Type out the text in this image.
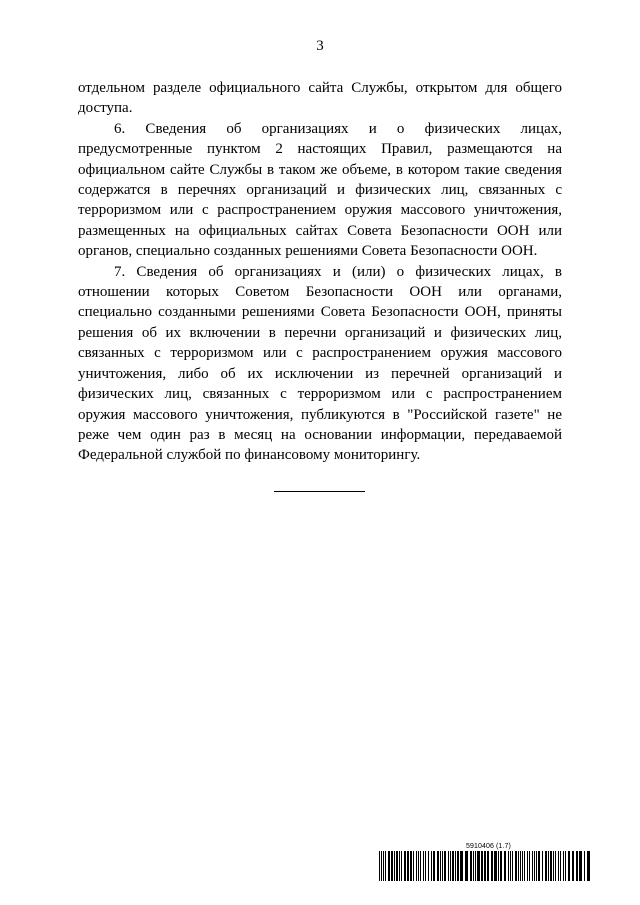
3

отдельном разделе официального сайта Службы, открытом для общего доступа.

6. Сведения об организациях и о физических лицах, предусмотренные пунктом 2 настоящих Правил, размещаются на официальном сайте Службы в таком же объеме, в котором такие сведения содержатся в перечнях организаций и физических лиц, связанных с терроризмом или с распространением оружия массового уничтожения, размещенных на официальных сайтах Совета Безопасности ООН или органов, специально созданных решениями Совета Безопасности ООН.

7. Сведения об организациях и (или) о физических лицах, в отношении которых Советом Безопасности ООН или органами, специально созданными решениями Совета Безопасности ООН, приняты решения об их включении в перечни организаций и физических лиц, связанных с терроризмом или с распространением оружия массового уничтожения, либо об их исключении из перечней организаций и физических лиц, связанных с терроризмом или с распространением оружия массового уничтожения, публикуются в "Российской газете" не реже чем один раз в месяц на основании информации, передаваемой Федеральной службой по финансовому мониторингу.

5910406 (1.7)
